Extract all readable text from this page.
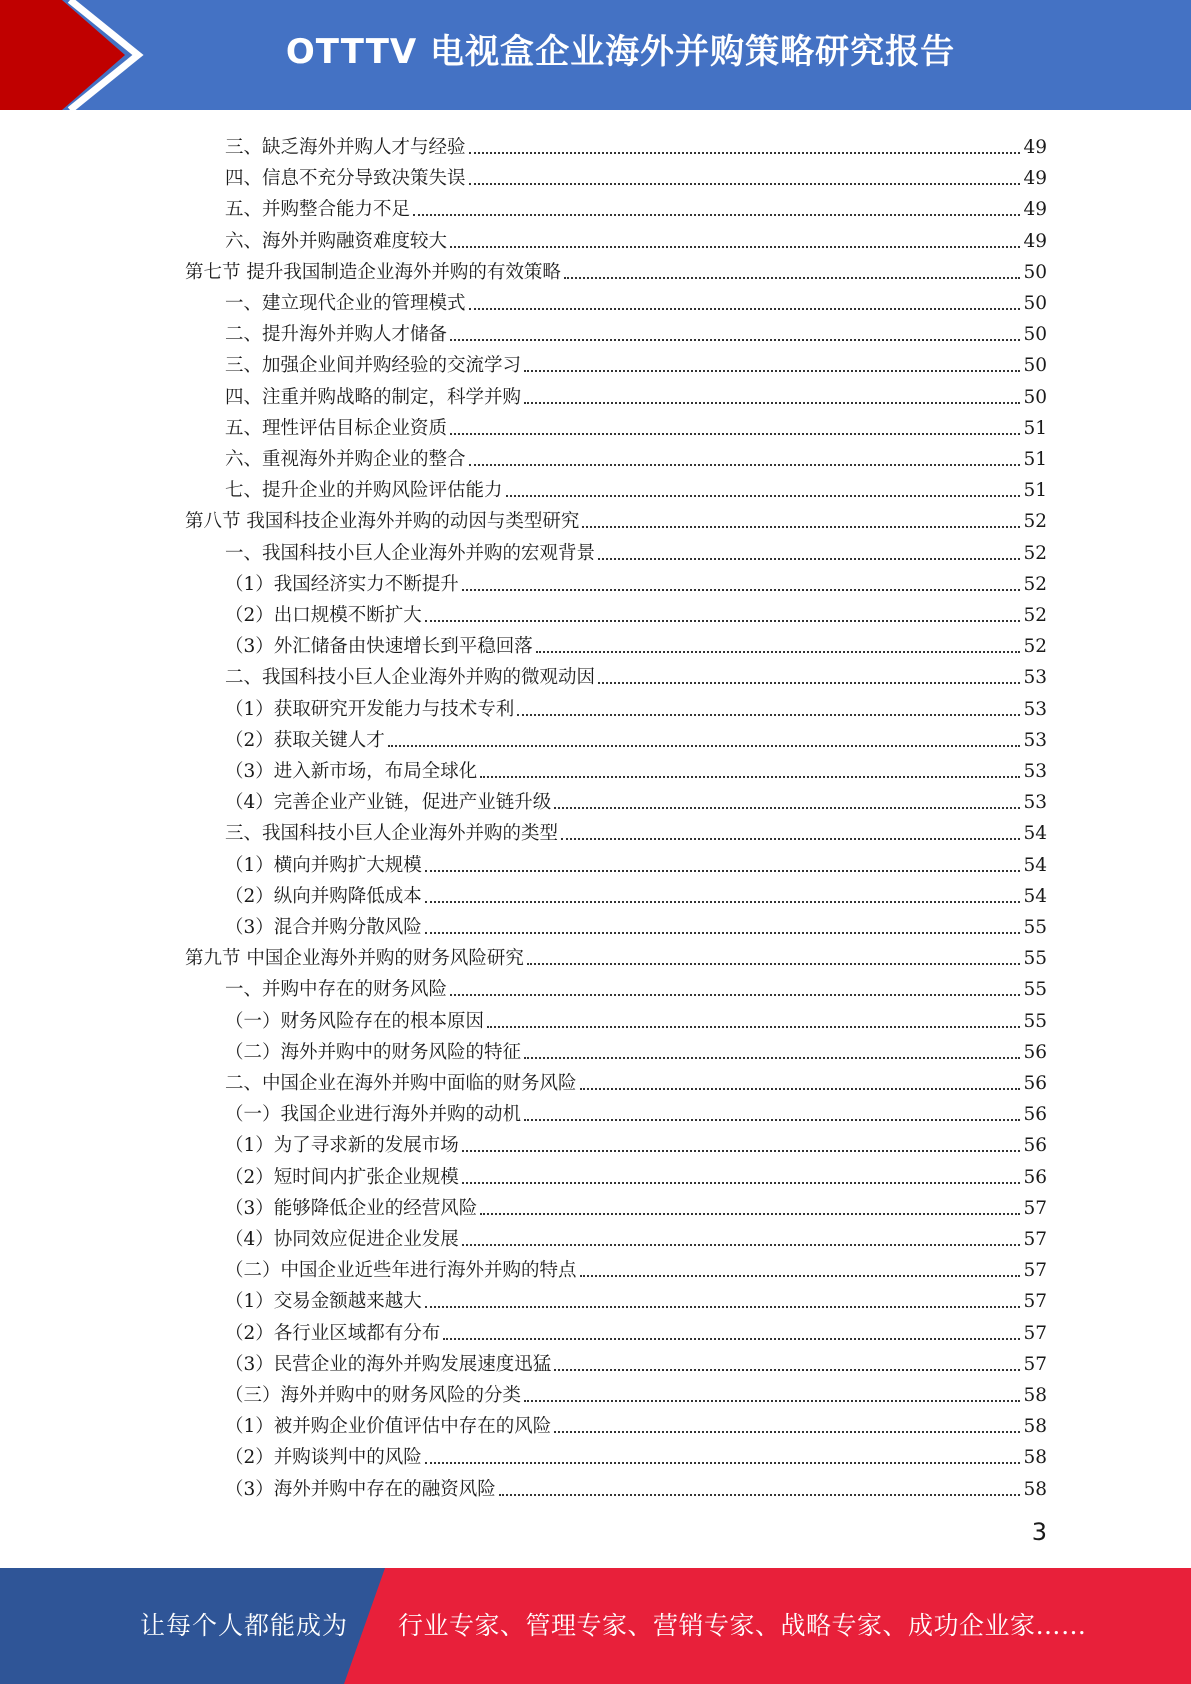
OTTTV 电视盒企业海外并购策略研究报告
三、缺乏海外并购人才与经验	49
四、信息不充分导致决策失误	49
五、并购整合能力不足	49
六、海外并购融资难度较大	49
第七节 提升我国制造企业海外并购的有效策略	50
一、建立现代企业的管理模式	50
二、提升海外并购人才储备	50
三、加强企业间并购经验的交流学习	50
四、注重并购战略的制定，科学并购	50
五、理性评估目标企业资质	51
六、重视海外并购企业的整合	51
七、提升企业的并购风险评估能力	51
第八节 我国科技企业海外并购的动因与类型研究	52
一、我国科技小巨人企业海外并购的宏观背景	52
（1）我国经济实力不断提升	52
（2）出口规模不断扩大	52
（3）外汇储备由快速增长到平稳回落	52
二、我国科技小巨人企业海外并购的微观动因	53
（1）获取研究开发能力与技术专利	53
（2）获取关键人才	53
（3）进入新市场，布局全球化	53
（4）完善企业产业链，促进产业链升级	53
三、我国科技小巨人企业海外并购的类型	54
（1）横向并购扩大规模	54
（2）纵向并购降低成本	54
（3）混合并购分散风险	55
第九节 中国企业海外并购的财务风险研究	55
一、并购中存在的财务风险	55
（一）财务风险存在的根本原因	55
（二）海外并购中的财务风险的特征	56
二、中国企业在海外并购中面临的财务风险	56
（一）我国企业进行海外并购的动机	56
（1）为了寻求新的发展市场	56
（2）短时间内扩张企业规模	56
（3）能够降低企业的经营风险	57
（4）协同效应促进企业发展	57
（二）中国企业近些年进行海外并购的特点	57
（1）交易金额越来越大	57
（2）各行业区域都有分布	57
（3）民营企业的海外并购发展速度迅猛	57
（三）海外并购中的财务风险的分类	58
（1）被并购企业价值评估中存在的风险	58
（2）并购谈判中的风险	58
（3）海外并购中存在的融资风险	58
3
让每个人都能成为 行业专家、管理专家、营销专家、战略专家、成功企业家……
